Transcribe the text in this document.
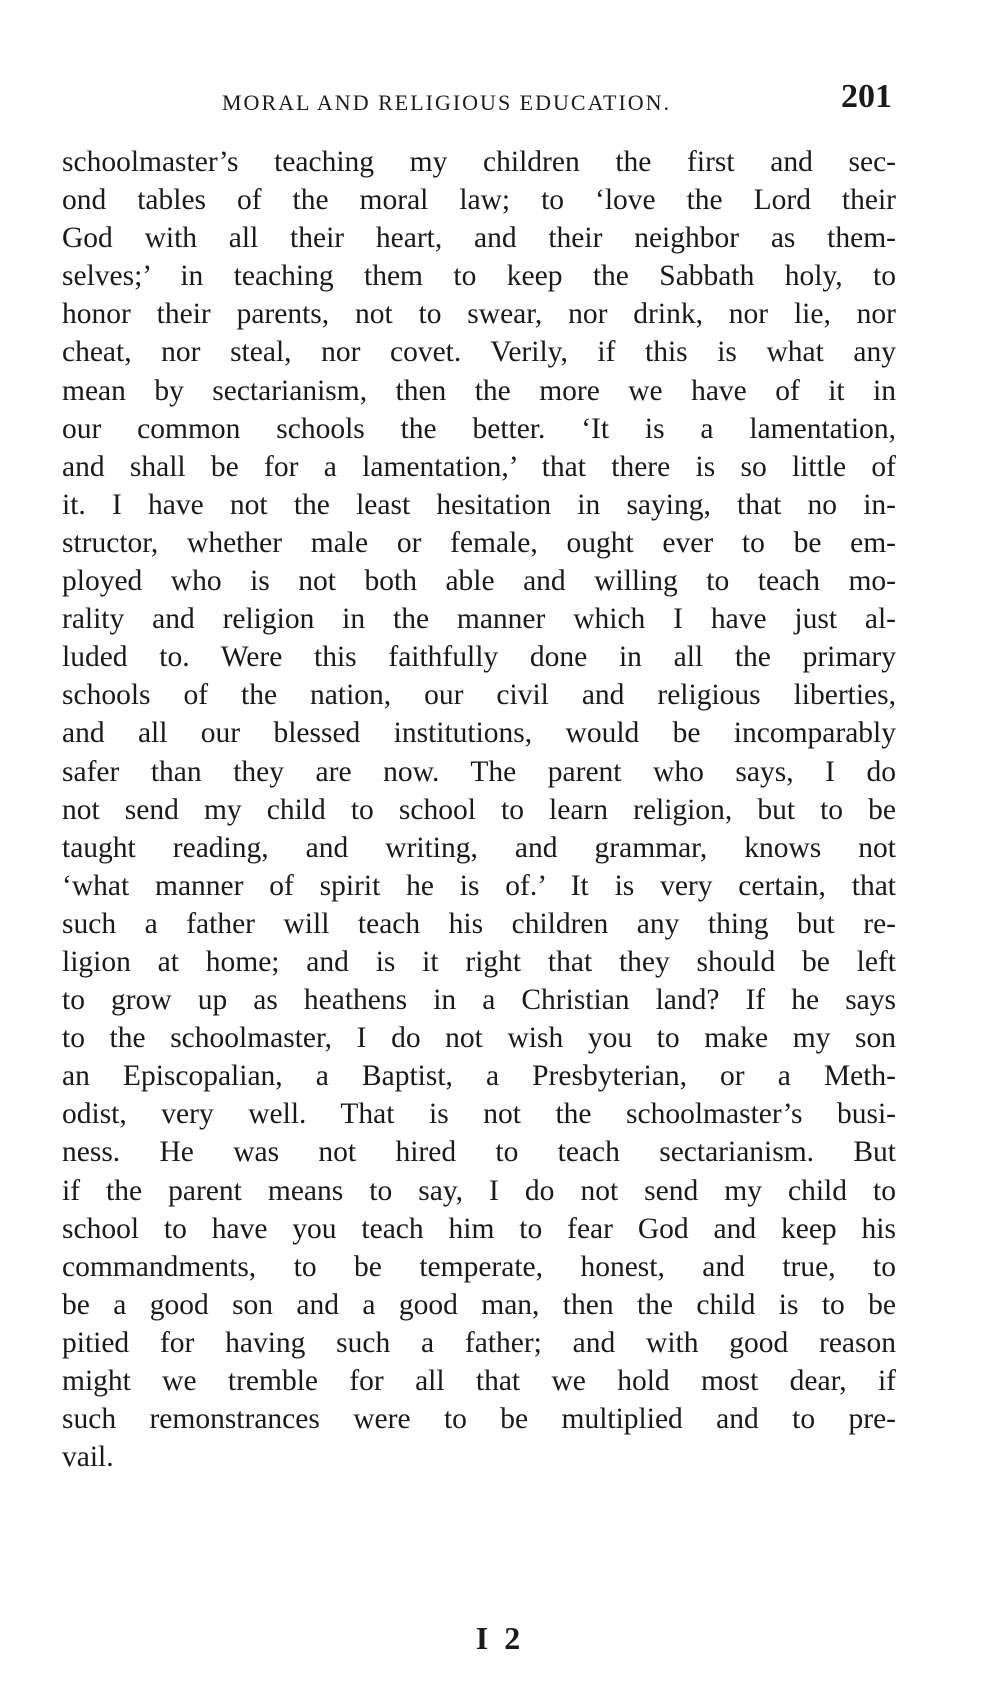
MORAL AND RELIGIOUS EDUCATION.	201
schoolmaster’s teaching my children the first and sec-
ond tables of the moral law; to ‘love the Lord their
God with all their heart, and their neighbor as them-
selves;’ in teaching them to keep the Sabbath holy, to
honor their parents, not to swear, nor drink, nor lie, nor
cheat, nor steal, nor covet. Verily, if this is what any
mean by sectarianism, then the more we have of it in
our common schools the better. ‘It is a lamentation,
and shall be for a lamentation,’ that there is so little of
it. I have not the least hesitation in saying, that no in-
structor, whether male or female, ought ever to be em-
ployed who is not both able and willing to teach mo-
rality and religion in the manner which I have just al-
luded to. Were this faithfully done in all the primary
schools of the nation, our civil and religious liberties,
and all our blessed institutions, would be incomparably
safer than they are now. The parent who says, I do
not send my child to school to learn religion, but to be
taught reading, and writing, and grammar, knows not
‘what manner of spirit he is of.’ It is very certain, that
such a father will teach his children any thing but re-
ligion at home; and is it right that they should be left
to grow up as heathens in a Christian land? If he says
to the schoolmaster, I do not wish you to make my son
an Episcopalian, a Baptist, a Presbyterian, or a Meth-
odist, very well. That is not the schoolmaster’s busi-
ness. He was not hired to teach sectarianism. But
if the parent means to say, I do not send my child to
school to have you teach him to fear God and keep his
commandments, to be temperate, honest, and true, to
be a good son and a good man, then the child is to be
pitied for having such a father; and with good reason
might we tremble for all that we hold most dear, if
such remonstrances were to be multiplied and to pre-
vail.
I 2
